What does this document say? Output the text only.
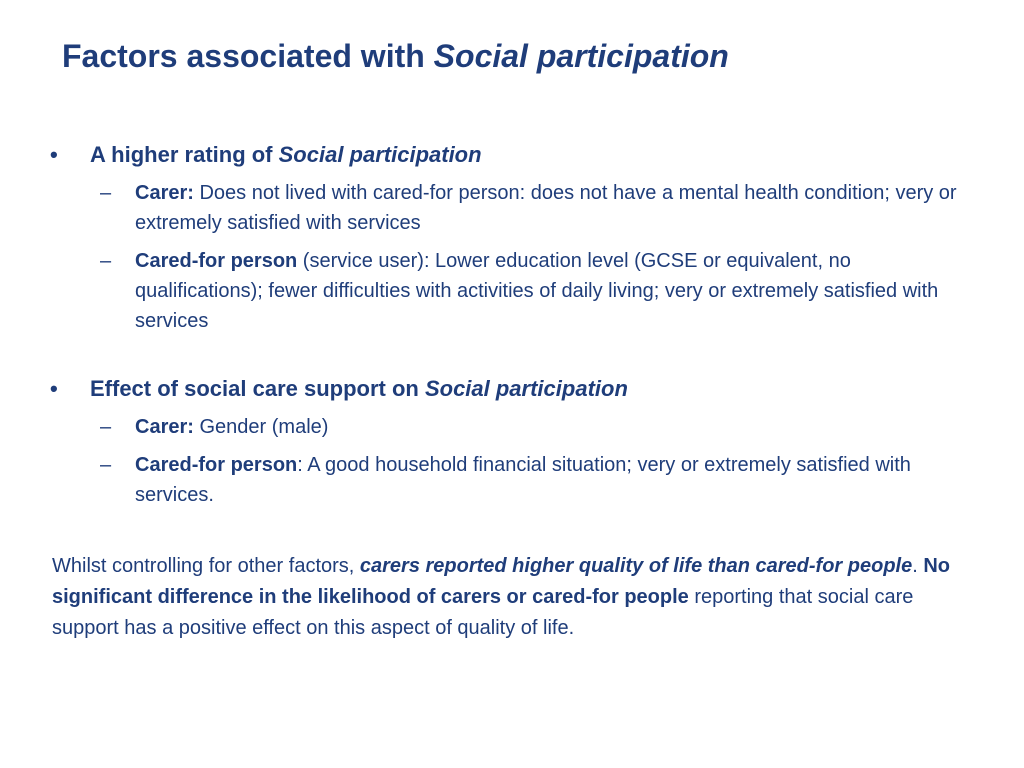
Factors associated with Social participation
• A higher rating of Social participation
– Carer: Does not lived with cared-for person: does not have a mental health condition; very or extremely satisfied with services
– Cared-for person (service user): Lower education level (GCSE or equivalent, no qualifications); fewer difficulties with activities of daily living; very or extremely satisfied with services
• Effect of social care support on Social participation
– Carer: Gender (male)
– Cared-for person: A good household financial situation; very or extremely satisfied with services.
Whilst controlling for other factors, carers reported higher quality of life than cared-for people. No significant difference in the likelihood of carers or cared-for people reporting that social care support has a positive effect on this aspect of quality of life.
